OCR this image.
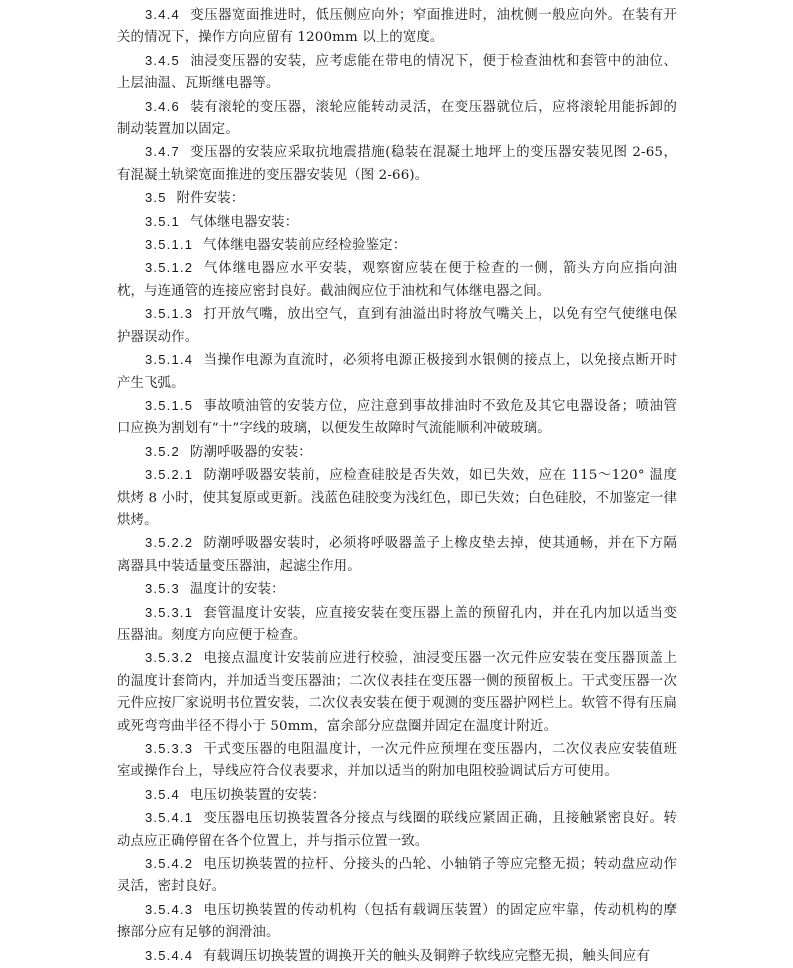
3.4.4 变压器宽面推进时，低压侧应向外；窄面推进时，油枕侧一般应向外。在装有开关的情况下，操作方向应留有 1200mm 以上的宽度。

3.4.5 油浸变压器的安装，应考虑能在带电的情况下，便于检查油枕和套管中的油位、上层油温、瓦斯继电器等。

3.4.6 装有滚轮的变压器，滚轮应能转动灵活，在变压器就位后，应将滚轮用能拆卸的制动装置加以固定。

3.4.7 变压器的安装应采取抗地震措施(稳装在混凝土地坪上的变压器安装见图 2-65，有混凝土轨梁宽面推进的变压器安装见（图 2-66)。

3.5 附件安装：

3.5.1 气体继电器安装：

3.5.1.1 气体继电器安装前应经检验鉴定：

3.5.1.2 气体继电器应水平安装，观察窗应装在便于检查的一侧，箭头方向应指向油枕，与连通管的连接应密封良好。截油阀应位于油枕和气体继电器之间。

3.5.1.3 打开放气嘴，放出空气，直到有油溢出时将放气嘴关上，以免有空气使继电保护器误动作。

3.5.1.4 当操作电源为直流时，必须将电源正极接到水银侧的接点上，以免接点断开时产生飞弧。

3.5.1.5 事故喷油管的安装方位，应注意到事故排油时不致危及其它电器设备；喷油管口应换为割划有“十”字线的玻璃，以便发生故障时气流能顺利冲破玻璃。

3.5.2 防潮呼吸器的安装：

3.5.2.1 防潮呼吸器安装前，应检查硅胶是否失效，如已失效，应在 115～120° 温度烘烤 8 小时，使其复原或更新。浅蓝色硅胶变为浅红色，即已失效；白色硅胶，不加鉴定一律烘烤。

3.5.2.2 防潮呼吸器安装时，必须将呼吸器盖子上橡皮垫去掉，使其通畅，并在下方隔离器具中装适量变压器油，起滤尘作用。

3.5.3 温度计的安装：

3.5.3.1 套管温度计安装，应直接安装在变压器上盖的预留孔内，并在孔内加以适当变压器油。刻度方向应便于检查。

3.5.3.2 电接点温度计安装前应进行校验，油浸变压器一次元件应安装在变压器顶盖上的温度计套筒内，并加适当变压器油；二次仪表挂在变压器一侧的预留板上。干式变压器一次元件应按厂家说明书位置安装，二次仪表安装在便于观测的变压器护网栏上。软管不得有压扁或死弯弯曲半径不得小于 50mm，富余部分应盘圈并固定在温度计附近。

3.5.3.3 干式变压器的电阻温度计，一次元件应预埋在变压器内，二次仪表应安装值班室或操作台上，导线应符合仪表要求，并加以适当的附加电阻校验调试后方可使用。

3.5.4 电压切换装置的安装：

3.5.4.1 变压器电压切换装置各分接点与线圈的联线应紧固正确，且接触紧密良好。转动点应正确停留在各个位置上，并与指示位置一致。

3.5.4.2 电压切换装置的拉杆、分接头的凸轮、小轴销子等应完整无损；转动盘应动作灵活，密封良好。

3.5.4.3 电压切换装置的传动机构（包括有载调压装置）的固定应牢靠，传动机构的摩擦部分应有足够的润滑油。

3.5.4.4 有载调压切换装置的调换开关的触头及铜辫子软线应完整无损，触头间应有
